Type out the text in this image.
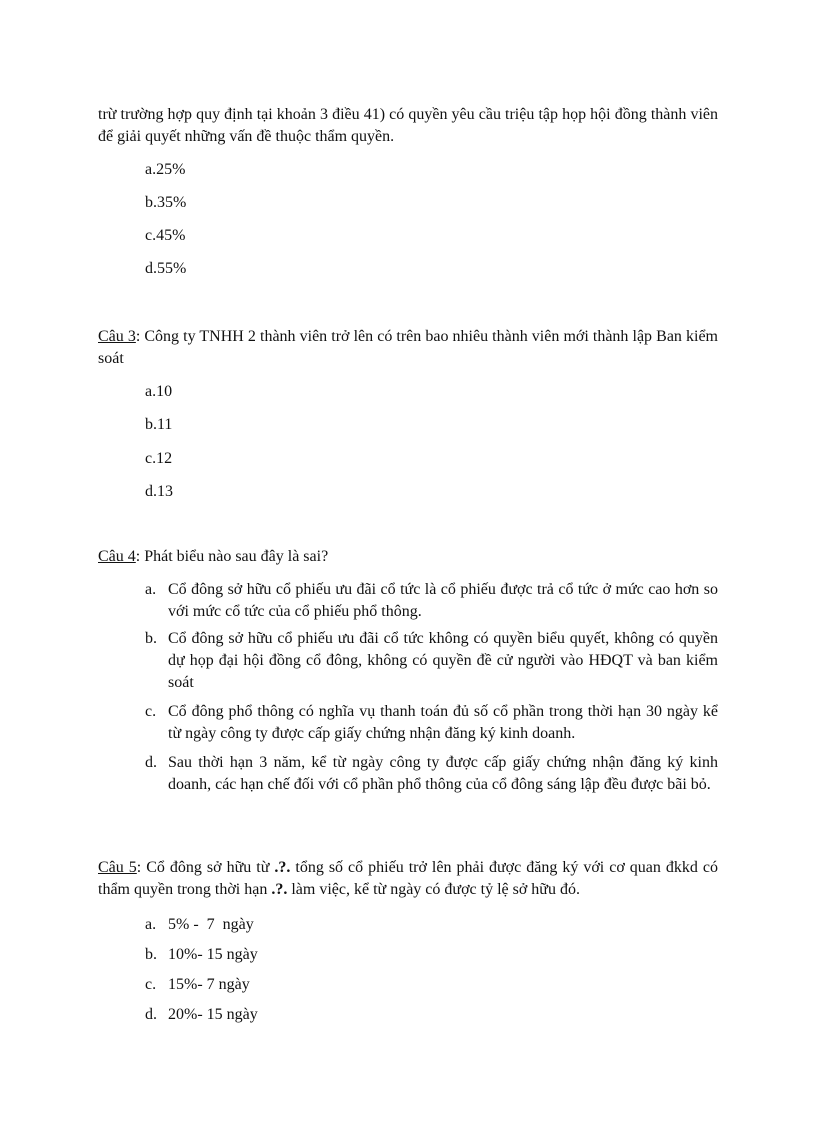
trừ trường hợp quy định tại khoản 3 điều 41) có quyền yêu cầu triệu tập họp hội đồng thành viên để giải quyết những vấn đề thuộc thẩm quyền.

a.25%

b.35%

c.45%

d.55%

Câu 3: Công ty TNHH 2 thành viên trở lên có trên bao nhiêu thành viên mới thành lập Ban kiểm soát

a.10

b.11

c.12

d.13

Câu 4: Phát biểu nào sau đây là sai?

a. Cổ đông sở hữu cổ phiếu ưu đãi cổ tức là cổ phiếu được trả cổ tức ở mức cao hơn so với mức cổ tức của cổ phiếu phổ thông.
b. Cổ đông sở hữu cổ phiếu ưu đãi cổ tức không có quyền biểu quyết, không có quyền dự họp đại hội đồng cổ đông, không có quyền đề cử người vào HĐQT và ban kiểm soát
c. Cổ đông phổ thông có nghĩa vụ thanh toán đủ số cổ phần trong thời hạn 30 ngày kể từ ngày công ty được cấp giấy chứng nhận đăng ký kinh doanh.
d. Sau thời hạn 3 năm, kể từ ngày công ty được cấp giấy chứng nhận đăng ký kinh doanh, các hạn chế đối với cổ phần phổ thông của cổ đông sáng lập đều được bãi bỏ.

Câu 5: Cổ đông sở hữu từ .?. tổng số cổ phiếu trở lên phải được đăng ký với cơ quan đkkd có thẩm quyền trong thời hạn .?. làm việc, kể từ ngày có được tỷ lệ sở hữu đó.

a. 5% -  7  ngày

b. 10%- 15 ngày

c. 15%- 7 ngày

d. 20%- 15 ngày
